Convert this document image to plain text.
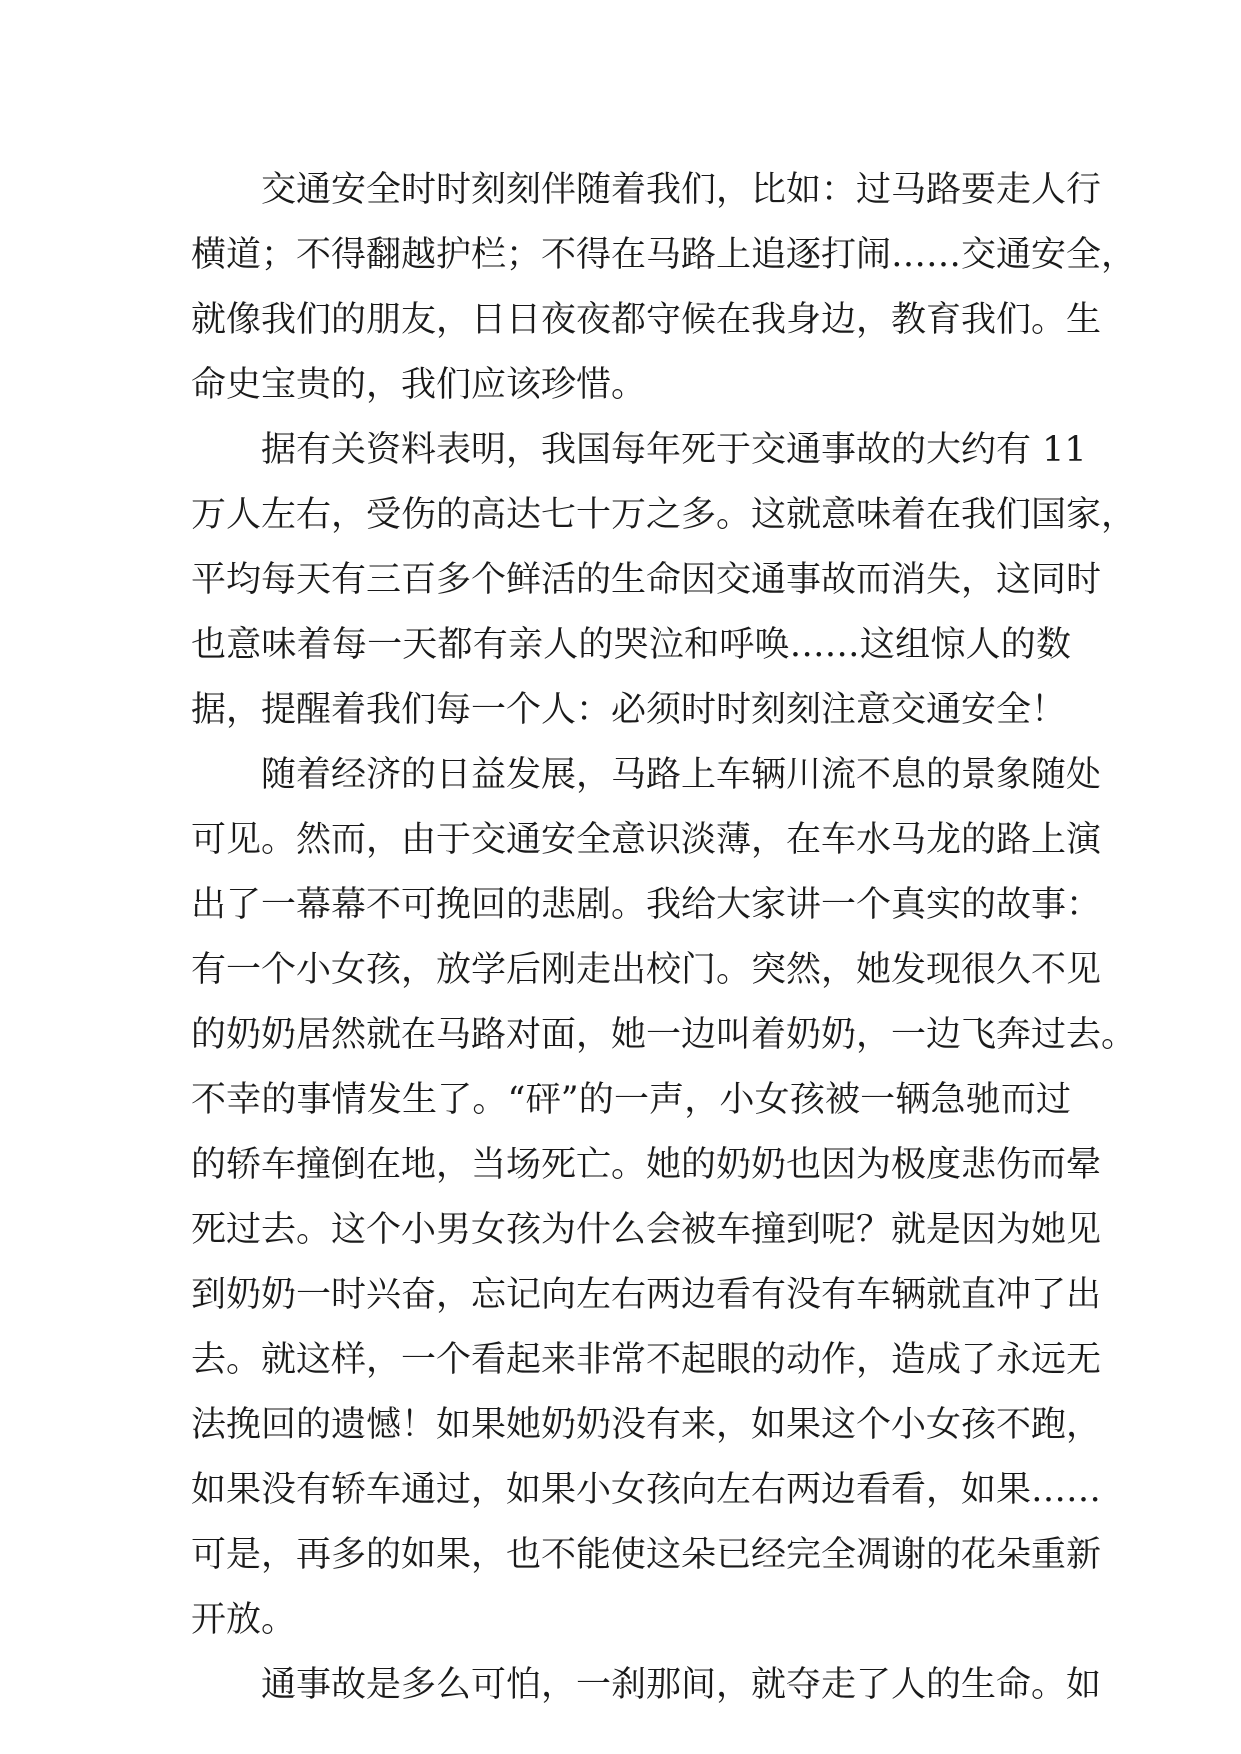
交通安全时时刻刻伴随着我们，比如：过马路要走人行
横道；不得翻越护栏；不得在马路上追逐打闹……交通安全，
就像我们的朋友，日日夜夜都守候在我身边，教育我们。生
命史宝贵的，我们应该珍惜。
据有关资料表明，我国每年死于交通事故的大约有 11
万人左右，受伤的高达七十万之多。这就意味着在我们国家，
平均每天有三百多个鲜活的生命因交通事故而消失，这同时
也意味着每一天都有亲人的哭泣和呼唤……这组惊人的数
据，提醒着我们每一个人：必须时时刻刻注意交通安全！
随着经济的日益发展，马路上车辆川流不息的景象随处
可见。然而，由于交通安全意识淡薄，在车水马龙的路上演
出了一幕幕不可挽回的悲剧。我给大家讲一个真实的故事：
有一个小女孩，放学后刚走出校门。突然，她发现很久不见
的奶奶居然就在马路对面，她一边叫着奶奶，一边飞奔过去。
不幸的事情发生了。“砰”的一声，小女孩被一辆急驰而过
的轿车撞倒在地，当场死亡。她的奶奶也因为极度悲伤而晕
死过去。这个小男女孩为什么会被车撞到呢？就是因为她见
到奶奶一时兴奋，忘记向左右两边看有没有车辆就直冲了出
去。就这样，一个看起来非常不起眼的动作，造成了永远无
法挽回的遗憾！如果她奶奶没有来，如果这个小女孩不跑，
如果没有轿车通过，如果小女孩向左右两边看看，如果……
可是，再多的如果，也不能使这朵已经完全凋谢的花朵重新
开放。
通事故是多么可怕，一刹那间，就夺走了人的生命。如
